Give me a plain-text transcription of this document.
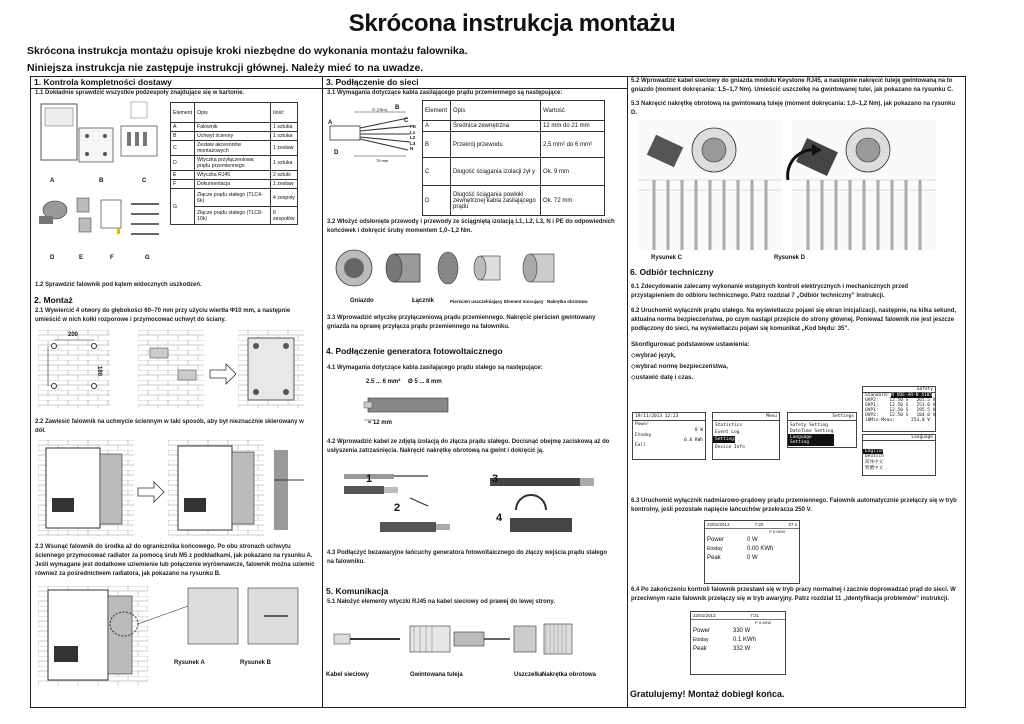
Skrócona instrukcja montażu
Skrócona instrukcja montażu opisuje kroki niezbędne do wykonania montażu falownika.
Niniejsza instrukcja nie zastępuje instrukcji głównej. Należy mieć to na uwadze.
1. Kontrola kompletności dostawy
1.1 Dokładnie sprawdzić wszystkie podzespoły znajdujące się w kartonie.
A	B	C
D	E	F	G
Element	Opis	Ilość
A	Falownik	1 sztuka
B	Uchwyt ścienny	1 sztuka
C	Zestaw akcesoriów montażowych	1 zestaw
D	Wtyczka przyłączeniowa prądu przemiennego	1 sztuka
E	Wtyczka RJ45	2 sztuki
F	Dokumentacja	1 zestaw
G	Złącze prądu stałego (TLC4-6k)	4 zespoły
	Złącze prądu stałego (TLC8-10k)	6 zespołów
1.2 Sprawdzić falownik pod kątem widocznych uszkodzeń.
2. Montaż
2.1 Wywiercić 4 otwory do głębokości 60–70 mm przy użyciu wiertła Φ10 mm, a następnie umieścić w nich kołki rozporowe i przymocować uchwyt do ściany.
200
180
2.2 Zawiesić falownik na uchwycie ściennym w taki sposób, aby był nieznacznie skierowany w dół.
2.3 Wsunąć falownik do środka aż do ogranicznika końcowego. Po obu stronach uchwytu ściennego przymocować radiator za pomocą śrub M5 z podkładkami, jak pokazano na rysunku A. Jeśli wymagane jest dodatkowe uziemienie lub połączenie wyrównawcze, falownik można uziemić również za pośrednictwem radiatora, jak pokazano na rysunku B.
Rysunek A	Rysunek B
3. Podłączenie do sieci
3.1 Wymagania dotyczące kabla zasilającego prądu przemiennego są następujące:
∅ (75m)
75 mm
A
B
C
D
PE
L1
L2
L3
N
Element	Opis	Wartość
A	Średnica zewnętrzna	12 mm do 21 mm
B	Przekrój przewodu	2,5 mm² do 6 mm²
C	Długość ściągania izolacji żył y	Ok. 9 mm
D	Długość ściągania powłoki zewnętrznej kabla zasilającego prądu	Ok. 72 mm
3.2 Włożyć odsłonięte przewody i przewody ze ściągniętą izolacją L1, L2, L3, N i PE do odpowiednich końcówek i dokręcić śruby momentem 1,0–1,2 Nm.
Gniazdo	Łącznik	Pierścień uszczelniający Element mocujący Nakrętka obrotowa
3.3 Wprowadzić wtyczkę przyłączeniową prądu przemiennego. Nakręcić pierścień gwintowany gniazda na oprawę przyłącza prądu przemiennego na falowniku.
4. Podłączenie generatora fotowoltaicznego
4.1 Wymagania dotyczące kabla zasilającego prądu stałego są następujące:
2.5 ... 6 mm² Ø 5 ... 8 mm
≈ 12 mm
4.2 Wprowadzić kabel ze zdjętą izolacją do złącza prądu stałego. Docisnąć obejmę zaciskową aż do usłyszenia zatrzaśnięcia. Nakręcić nakrętkę obrotową na gwint i dokręcić ją.
1	3
2
4
4.3 Podłączyć bezawaryjne łańcuchy generatora fotowoltaicznego do złączy wejścia prądu stałego na falowniku.
5. Komunikacja
5.1 Nałożyć elementy wtyczki RJ45 na kabel sieciowy od prawej do lewej strony.
Kabel sieciowy	Gwintowana tuleja	Uszczelka Nakrętka obrotowa
5.2 Wprowadzić kabel sieciowy do gniazda modułu Keystone RJ45, a następnie nakręcić tuleję gwintowaną na to gniazdo (moment dokręcania: 1,5–1,7 Nm). Umieścić uszczelkę na gwintowanej tulei, jak pokazano na rysunku C.
5.3 Nakręcić nakrętkę obrotową na gwintowaną tuleję (moment dokręcania: 1,0–1,2 Nm), jak pokazano na rysunku D.
Rysunek C	Rysunek D
6. Odbiór techniczny
6.1 Zdecydowanie zalecamy wykonanie wstępnych kontroli elektrycznych i mechanicznych przed przystąpieniem do odbioru technicznego. Patrz rozdział 7 „Odbiór techniczny” instrukcji.
6.2 Uruchomić wyłącznik prądu stałego. Na wyświetlaczu pojawi się ekran inicjalizacji, następnie, na kilka sekund, aktualna norma bezpieczeństwa, po czym nastąpi przejście do strony głównej. Ponieważ falownik nie jest jeszcze podłączony do sieci, na wyświetlaczu pojawi się komunikat „Kod błędu: 35”.
Skonfigurować podstawowe ustawienia:
◇wybrać język,
◇wybrać normę bezpieczeństwa,
◇ustawić datę i czas.
19/11/2013 12:23
Power
0 W
Etoday
0.0 KWh
Eall
Menu
Statistics
Event Log
Settings
Device Info
Settings
Safety Setting
DateTime Setting
Language Setting
Safety
Standard: R VDE-AR-N 4105
UVP2:    12.50 S   265.5 V
OVP1:    12.50 S   253.0 V
UVP1:    12.50 S   195.5 V
OVP2:    12.50 S   184.0 V
10Min-Mean:      253.0 V
Language
English
Deutsch
简体中文
繁體中文
6.3 Uruchomić wyłącznik nadmiarowo-prądowy prądu przemiennego. Falownik automatycznie przełączy się w tryb kontrolny, jeśli pozostałe napięcie łańcuchów przekracza 250 V.
22/01/2013	7:20	27 s
P 0.0KW
Power	0 W
Etoday	0.00 KWh
Peak	0 W
6.4 Po zakończeniu kontroli falownik przestawi się w tryb pracy normalnej i zacznie doprowadzać prąd do sieci. W przeciwnym razie falownik przełączy się w tryb awaryjny. Patrz rozdział 11 „Identyfikacja problemów” instrukcji.
22/01/2013	7:21
P 0.4KW
Power	330 W
Etoday	0.1 KWh
Peak	332 W
Gratulujemy! Montaż dobiegł końca.
